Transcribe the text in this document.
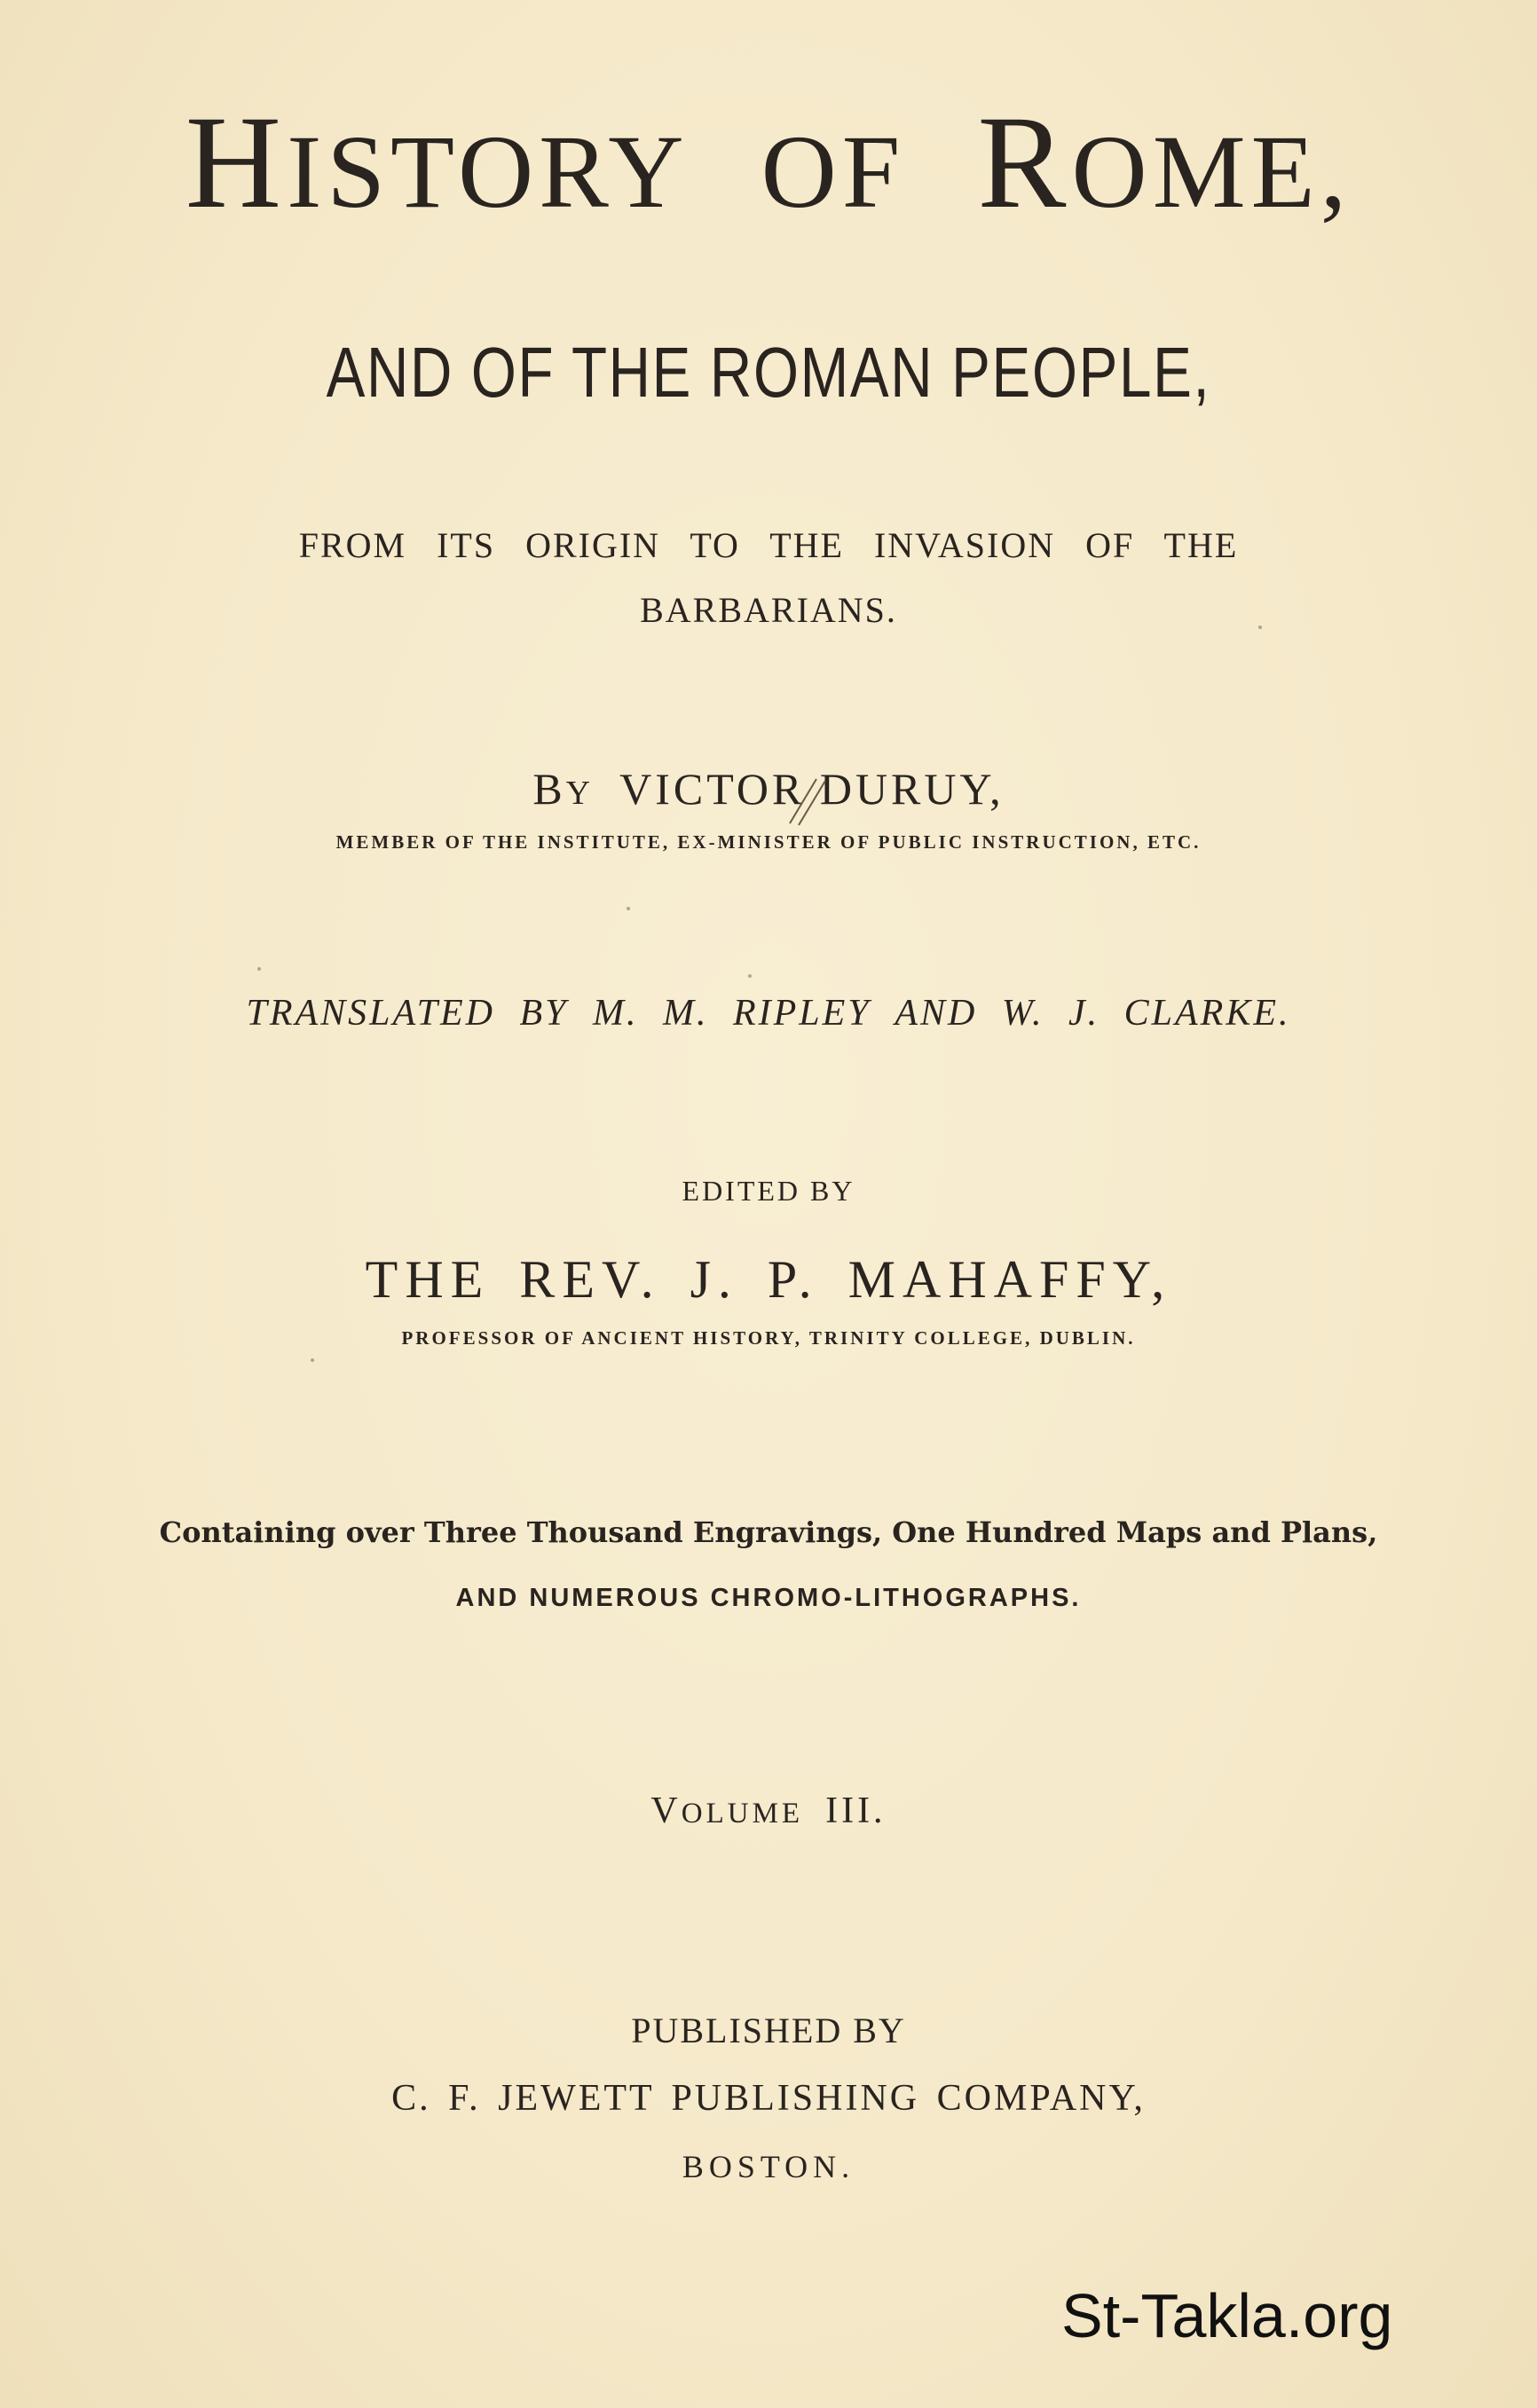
HISTORY  OF  ROME,
AND OF THE ROMAN PEOPLE,
FROM ITS ORIGIN TO THE INVASION OF THE
BARBARIANS.
BY  VICTOR DURUY,
MEMBER OF THE INSTITUTE, EX-MINISTER OF PUBLIC INSTRUCTION, ETC.
TRANSLATED BY M. M. RIPLEY AND W. J. CLARKE.
EDITED BY
THE REV. J. P. MAHAFFY,
PROFESSOR OF ANCIENT HISTORY, TRINITY COLLEGE, DUBLIN.
Containing over Three Thousand Engravings, One Hundred Maps and Plans,
AND NUMEROUS CHROMO-LITHOGRAPHS.
VOLUME  III.
PUBLISHED BY
C. F. JEWETT PUBLISHING COMPANY,
BOSTON.
St-Takla.org
